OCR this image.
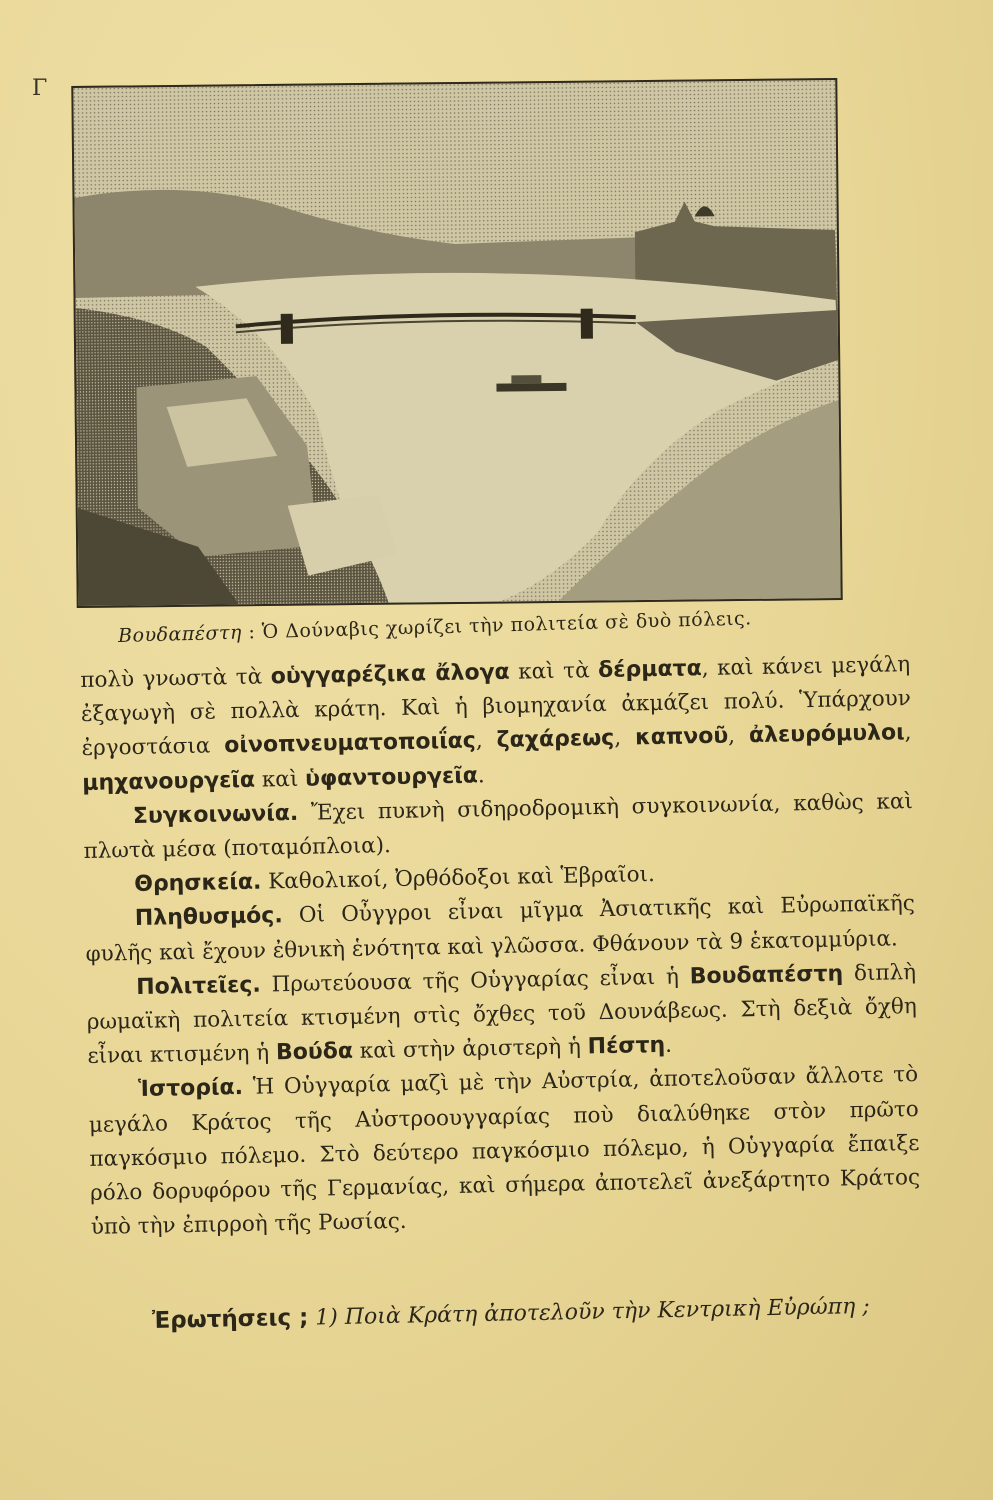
Γ
Βουδαπέστη : Ὁ Δούναβις χωρίζει τὴν πολιτεία σὲ δυὸ πόλεις.

πολὺ γνωστὰ τὰ οὑγγαρέζικα ἄλογα καὶ τὰ δέρματα, καὶ κάνει μεγάλη ἐξαγωγὴ σὲ πολλὰ κράτη. Καὶ ἡ βιομηχανία ἀκμάζει πολύ. Ὑπάρχουν ἐργοστάσια οἰνοπνευματοποιΐας, ζαχάρεως, καπνοῦ, ἀλευρόμυλοι, μηχανουργεῖα καὶ ὑφαντουργεῖα.

Συγκοινωνία. Ἔχει πυκνὴ σιδηροδρομικὴ συγκοινωνία, καθὼς καὶ πλωτὰ μέσα (ποταμόπλοια).

Θρησκεία. Καθολικοί, Ὀρθόδοξοι καὶ Ἑβραῖοι.

Πληθυσμός. Οἱ Οὖγγροι εἶναι μῖγμα Ἀσιατικῆς καὶ Εὐρωπαϊκῆς φυλῆς καὶ ἔχουν ἐθνικὴ ἑνότητα καὶ γλῶσσα. Φθάνουν τὰ 9 ἑκατομμύρια.

Πολιτεῖες. Πρωτεύουσα τῆς Οὑγγαρίας εἶναι ἡ Βουδαπέστη διπλὴ ρωμαϊκὴ πολιτεία κτισμένη στὶς ὄχθες τοῦ Δουνάβεως. Στὴ δεξιὰ ὄχθη εἶναι κτισμένη ἡ Βούδα καὶ στὴν ἀριστερὴ ἡ Πέστη.

Ἱστορία. Ἡ Οὑγγαρία μαζὶ μὲ τὴν Αὐστρία, ἀποτελοῦσαν ἄλλοτε τὸ μεγάλο Κράτος τῆς Αὐστροουγγαρίας ποὺ διαλύθηκε στὸν πρῶτο παγκόσμιο πόλεμο. Στὸ δεύτερο παγκόσμιο πόλεμο, ἡ Οὑγγαρία ἔπαιξε ρόλο δορυφόρου τῆς Γερμανίας, καὶ σήμερα ἀποτελεῖ ἀνεξάρτητο Κράτος ὑπὸ τὴν ἐπιρροὴ τῆς Ρωσίας.

Ἐρωτήσεις ; 1) Ποιὰ Κράτη ἀποτελοῦν τὴν Κεντρικὴ Εὐρώπη ;
